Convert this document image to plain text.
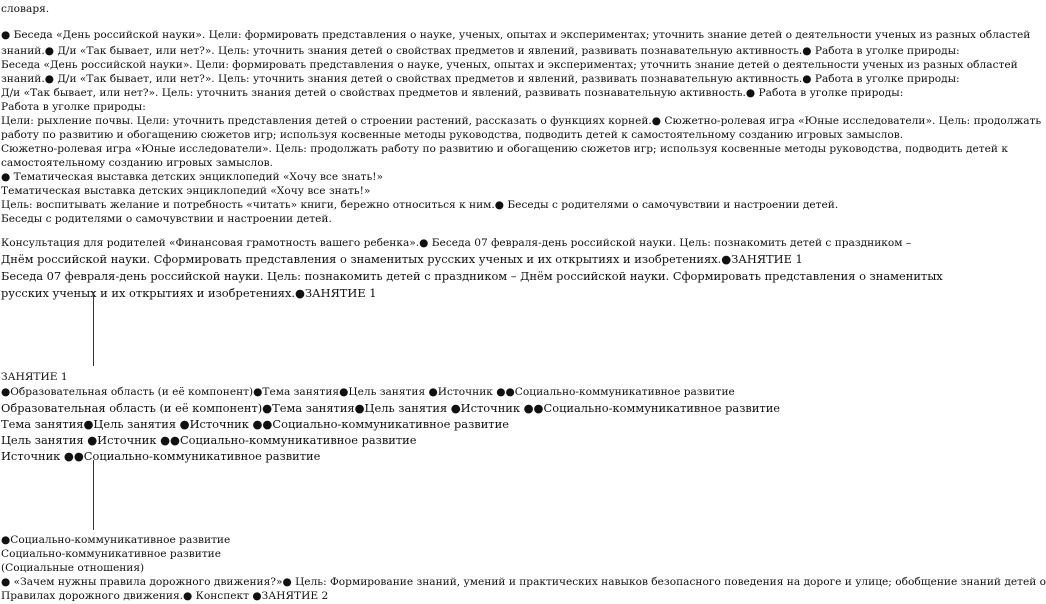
словаря.
● Беседа «День российской науки». Цели: формировать представления о науке, ученых, опытах и экспериментах; уточнить знание детей о деятельности ученых из разных областей
знаний.● Д/и «Так бывает, или нет?». Цель: уточнить знания детей о свойствах предметов и явлений, развивать познавательную активность.● Работа в уголке природы:
Беседа «День российской науки». Цели: формировать представления о науке, ученых, опытах и экспериментах; уточнить знание детей о деятельности ученых из разных областей
знаний.● Д/и «Так бывает, или нет?». Цель: уточнить знания детей о свойствах предметов и явлений, развивать познавательную активность.● Работа в уголке природы:
Д/и «Так бывает, или нет?». Цель: уточнить знания детей о свойствах предметов и явлений, развивать познавательную активность.● Работа в уголке природы:
Работа в уголке природы:
Цели: рыхление почвы. Цели: уточнить представления детей о строении растений, рассказать о функциях корней.● Сюжетно-ролевая игра «Юные исследователи». Цель: продолжать
работу по развитию и обогащению сюжетов игр; используя косвенные методы руководства, подводить детей к самостоятельному созданию игровых замыслов.
Сюжетно-ролевая игра «Юные исследователи». Цель: продолжать работу по развитию и обогащению сюжетов игр; используя косвенные методы руководства, подводить детей к
самостоятельному созданию игровых замыслов.
● Тематическая выставка детских энциклопедий «Хочу все знать!»
Тематическая выставка детских энциклопедий «Хочу все знать!»
Цель: воспитывать желание и потребность «читать» книги, бережно относиться к ним.● Беседы с родителями о самочувствии и настроении детей.
Беседы с родителями о самочувствии и настроении детей.
Консультация для родителей «Финансовая грамотность вашего ребенка».● Беседа 07 февраля-день российской науки. Цель: познакомить детей с праздником –
Днём российской науки. Сформировать представления о знаменитых русских ученых и их открытиях и изобретениях.●ЗАНЯТИЕ 1
Беседа 07 февраля-день российской науки. Цель: познакомить детей с праздником – Днём российской науки. Сформировать представления о знаменитых
русских ученых и их открытиях и изобретениях.●ЗАНЯТИЕ 1
ЗАНЯТИЕ 1
●Образовательная область (и её компонент)●Тема занятия●Цель занятия ●Источник ●●Социально-коммуникативное развитие
Образовательная область (и её компонент)●Тема занятия●Цель занятия ●Источник ●●Социально-коммуникативное развитие
Тема занятия●Цель занятия ●Источник ●●Социально-коммуникативное развитие
Цель занятия ●Источник ●●Социально-коммуникативное развитие
Источник ●●Социально-коммуникативное развитие
●Социально-коммуникативное развитие
Социально-коммуникативное развитие
(Социальные отношения)
● «Зачем нужны правила дорожного движения?»● Цель: Формирование знаний, умений и практических навыков безопасного поведения на дороге и улице; обобщение знаний детей о
Правилах дорожного движения.● Конспект ●ЗАНЯТИЕ 2
